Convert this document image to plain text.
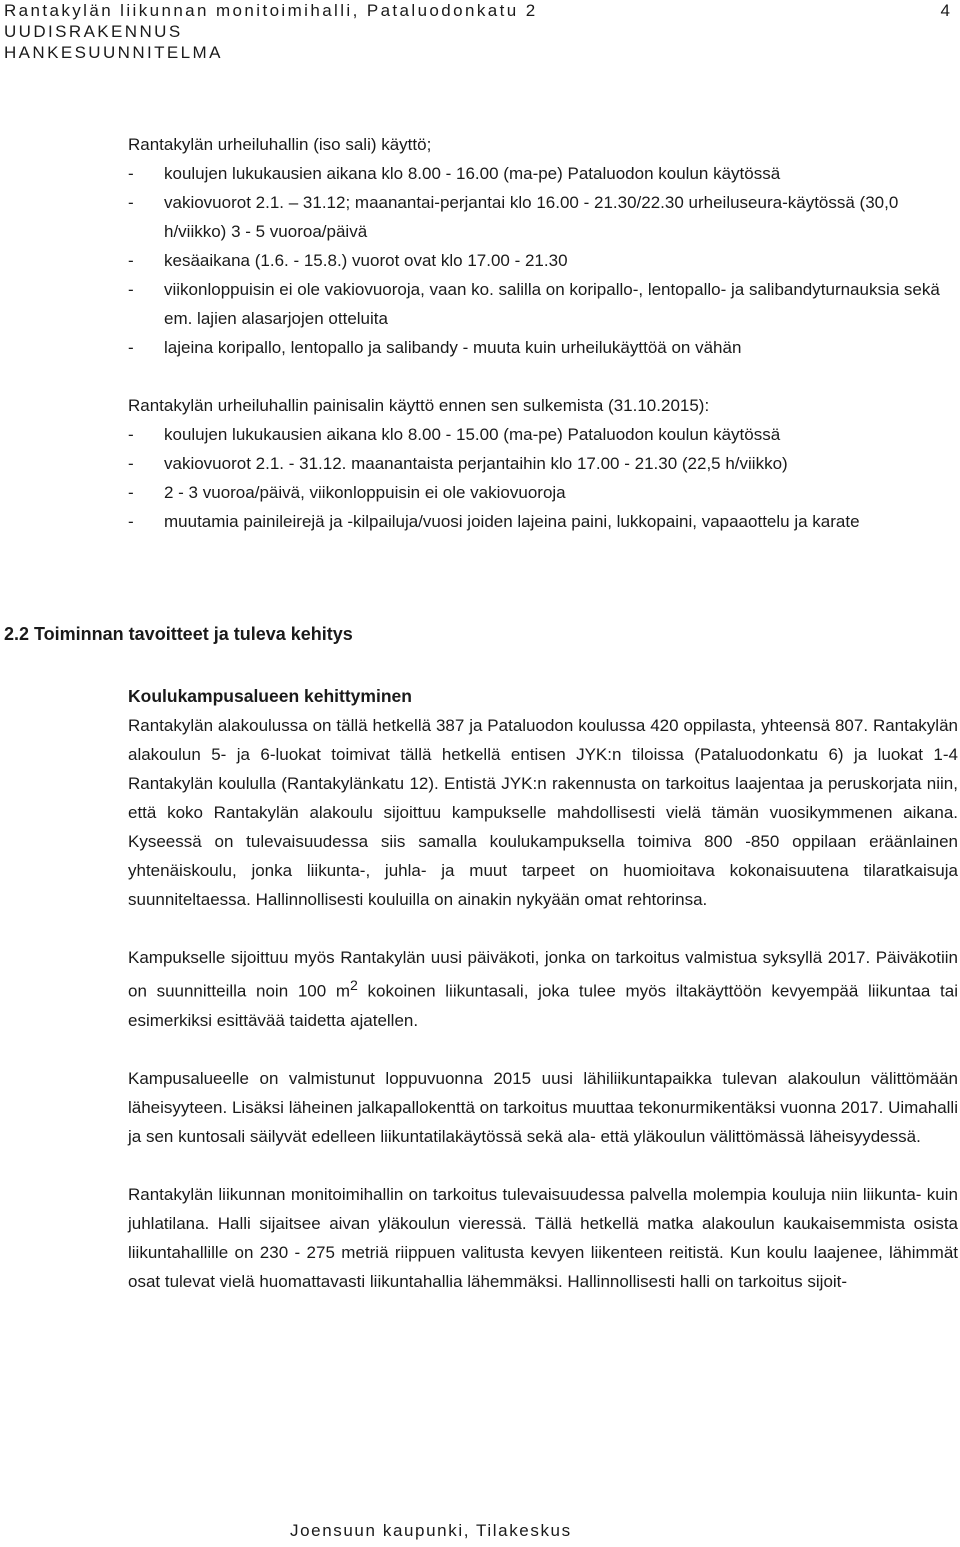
Rantakylän liikunnan monitoimihalli, Pataluodonkatu 2
UUDISRAKENNUS
HANKESUUNNITELMA
4
Rantakylän urheiluhallin (iso sali) käyttö;
- koulujen lukukausien aikana klo 8.00 - 16.00 (ma-pe) Pataluodon koulun käytössä
- vakiovuorot 2.1. – 31.12; maanantai-perjantai klo 16.00 - 21.30/22.30 urheiluseura-käytössä (30,0 h/viikko) 3 - 5 vuoroa/päivä
- kesäaikana (1.6. - 15.8.) vuorot ovat klo 17.00 - 21.30
- viikonloppuisin ei ole vakiovuoroja, vaan ko. salilla on koripallo-, lentopallo- ja salibandyturnauksia sekä em. lajien alasarjojen otteluita
- lajeina koripallo, lentopallo ja salibandy - muuta kuin urheilukäyttöä on vähän
Rantakylän urheiluhallin painisalin käyttö ennen sen sulkemista (31.10.2015):
- koulujen lukukausien aikana klo 8.00 - 15.00 (ma-pe) Pataluodon koulun käytössä
- vakiovuorot 2.1. - 31.12. maanantaista perjantaihin klo 17.00 - 21.30 (22,5 h/viikko)
- 2 - 3 vuoroa/päivä, viikonloppuisin ei ole vakiovuoroja
- muutamia painileirejä ja -kilpailuja/vuosi joiden lajeina paini, lukkopaini, vapaaottelu ja karate
2.2 Toiminnan tavoitteet ja tuleva kehitys
Koulukampusalueen kehittyminen

Rantakylän alakoulussa on tällä hetkellä 387 ja Pataluodon koulussa 420 oppilasta, yhteensä 807. Rantakylän alakoulun 5- ja 6-luokat toimivat tällä hetkellä entisen JYK:n tiloissa (Pataluodonkatu 6) ja luokat 1-4 Rantakylän koululla (Rantakylänkatu 12). Entistä JYK:n rakennusta on tarkoitus laajentaa ja peruskorjata niin, että koko Rantakylän alakoulu sijoittuu kampukselle mahdollisesti vielä tämän vuosikymmenen aikana. Kyseessä on tulevaisuudessa siis samalla koulukampuksella toimiva 800 -850 oppilaan eräänlainen yhtenäiskoulu, jonka liikunta-, juhla- ja muut tarpeet on huomioitava kokonaisuutena tilaratkaisuja suunniteltaessa. Hallinnollisesti kouluilla on ainakin nykyään omat rehtorinsa.

Kampukselle sijoittuu myös Rantakylän uusi päiväkoti, jonka on tarkoitus valmistua syksyllä 2017. Päiväkotiin on suunnitteilla noin 100 $m^2$ kokoinen liikuntasali, joka tulee myös iltakäyttöön kevyempää liikuntaa tai esimerkiksi esittävää taidetta ajatellen.

Kampusalueelle on valmistunut loppuvuonna 2015 uusi lähiliikuntapaikka tulevan alakoulun välittömään läheisyyteen. Lisäksi läheinen jalkapallokenttä on tarkoitus muuttaa tekonurmikentäksi vuonna 2017. Uimahalli ja sen kuntosali säilyvät edelleen liikuntatilakäytössä sekä ala- että yläkoulun välittömässä läheisyydessä.

Rantakylän liikunnan monitoimihallin on tarkoitus tulevaisuudessa palvella molempia kouluja niin liikunta- kuin juhlatilana. Halli sijaitsee aivan yläkoulun vieressä. Tällä hetkellä matka alakoulun kaukaisemmista osista liikuntahallille on 230 - 275 metriä riippuen valitusta kevyen liikenteen reitistä. Kun koulu laajenee, lähimmät osat tulevat vielä huomattavasti liikuntahallia lähemmäksi. Hallinnollisesti halli on tarkoitus sijoit-

Joensuun kaupunki, Tilakeskus
